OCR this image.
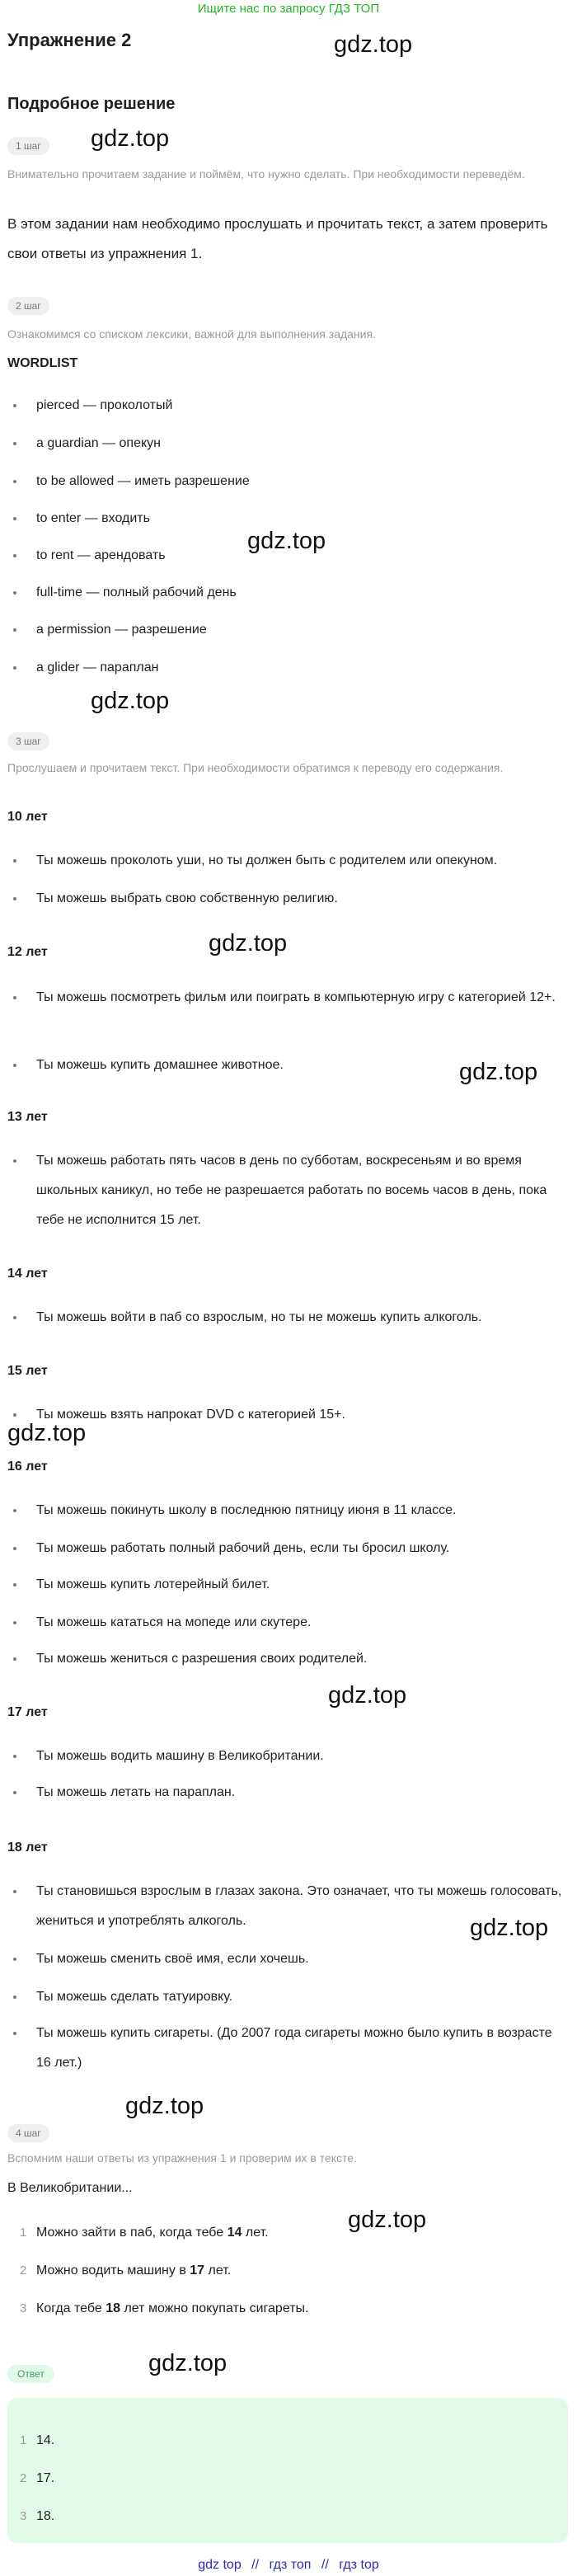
Ищите нас по запросу ГДЗ ТОП
Упражнение 2
Подробное решение
gdz.top
gdz.top
gdz.top
gdz.top
gdz.top
gdz.top
gdz.top
gdz.top
gdz.top
gdz.top
gdz.top
gdz.top
1 шаг
Внимательно прочитаем задание и поймём, что нужно сделать. При необходимости переведём.
В этом задании нам необходимо прослушать и прочитать текст, а затем проверить свои ответы из упражнения 1.
2 шаг
Ознакомимся со списком лексики, важной для выполнения задания.
WORDLIST
pierced — проколотый
a guardian — опекун
to be allowed — иметь разрешение
to enter — входить
to rent — арендовать
full-time — полный рабочий день
a permission — разрешение
a glider — параплан
3 шаг
Прослушаем и прочитаем текст. При необходимости обратимся к переводу его содержания.
10 лет
Ты можешь проколоть уши, но ты должен быть с родителем или опекуном.
Ты можешь выбрать свою собственную религию.
12 лет
Ты можешь посмотреть фильм или поиграть в компьютерную игру с категорией 12+.
Ты можешь купить домашнее животное.
13 лет
Ты можешь работать пять часов в день по субботам, воскресеньям и во время школьных каникул, но тебе не разрешается работать по восемь часов в день, пока тебе не исполнится 15 лет.
14 лет
Ты можешь войти в паб со взрослым, но ты не можешь купить алкоголь.
15 лет
Ты можешь взять напрокат DVD с категорией 15+.
16 лет
Ты можешь покинуть школу в последнюю пятницу июня в 11 классе.
Ты можешь работать полный рабочий день, если ты бросил школу.
Ты можешь купить лотерейный билет.
Ты можешь кататься на мопеде или скутере.
Ты можешь жениться с разрешения своих родителей.
17 лет
Ты можешь водить машину в Великобритании.
Ты можешь летать на параплан.
18 лет
Ты становишься взрослым в глазах закона. Это означает, что ты можешь голосовать, жениться и употреблять алкоголь.
Ты можешь сменить своё имя, если хочешь.
Ты можешь сделать татуировку.
Ты можешь купить сигареты. (До 2007 года сигареты можно было купить в возрасте 16 лет.)
4 шаг
Вспомним наши ответы из упражнения 1 и проверим их в тексте.
В Великобритании...
1 Можно зайти в паб, когда тебе 14 лет.
2 Можно водить машину в 17 лет.
3 Когда тебе 18 лет можно покупать сигареты.
Ответ
1 14.
2 17.
3 18.
gdz top // гдз топ // гдз top
